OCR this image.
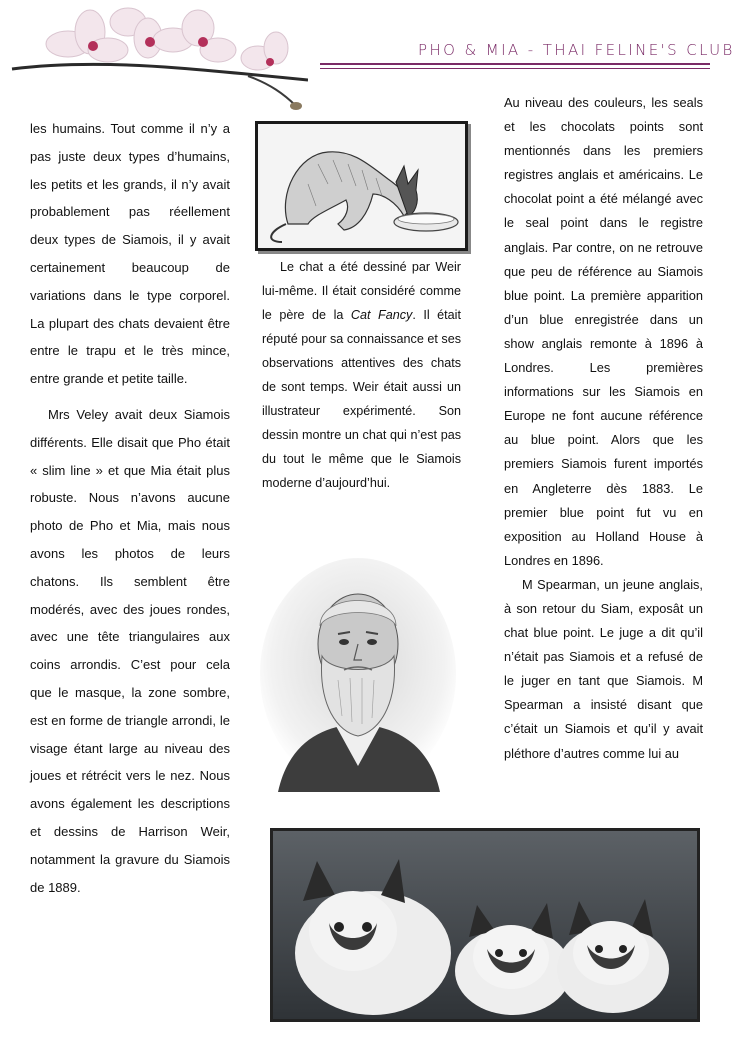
PHO & MIA - THAI FELINE'S CLUB

les humains. Tout comme il n’y a pas juste deux types d’humains, les petits et les grands, il n’y avait probablement pas réellement deux types de Siamois, il y avait certainement beaucoup de variations dans le type corporel. La plupart des chats devaient être entre le trapu et le très mince, entre grande et petite taille.

Mrs Veley avait deux Siamois différents. Elle disait que Pho était « slim line » et que Mia était plus robuste. Nous n’avons aucune photo de Pho et Mia, mais nous avons les photos de leurs chatons. Ils semblent être modérés, avec des joues rondes, avec une tête triangulaires aux coins arrondis. C’est pour cela que le masque, la zone sombre, est en forme de triangle arrondi, le visage étant large au niveau des joues et rétrécit vers le nez. Nous avons également les descriptions et dessins de Harrison Weir, notamment la gravure du Siamois de 1889.

Le chat a été dessiné par Weir lui-même. Il était considéré comme le père de la Cat Fancy. Il était réputé pour sa connaissance et ses observations attentives des chats de sont temps. Weir était aussi un illustrateur expérimenté. Son dessin montre un chat qui n’est pas du tout le même que le Siamois moderne d’aujourd’hui.

Au niveau des couleurs, les seals et les chocolats points sont mentionnés dans les premiers registres anglais et américains. Le chocolat point a été mélangé avec le seal point dans le registre anglais. Par contre, on ne retrouve que peu de référence au Siamois blue point. La première apparition d’un blue enregistrée dans un show anglais remonte à 1896 à Londres. Les premières informations sur les Siamois en Europe ne font aucune référence au blue point. Alors que les premiers Siamois furent importés en Angleterre dès 1883. Le premier blue point fut vu en exposition au Holland House à Londres en 1896.

M Spearman, un jeune anglais, à son retour du Siam, exposât un chat blue point. Le juge a dit qu’il n’était pas Siamois et a refusé de le juger en tant que Siamois. M Spearman a insisté disant que c’était un Siamois et qu’il y avait pléthore d’autres comme lui au
